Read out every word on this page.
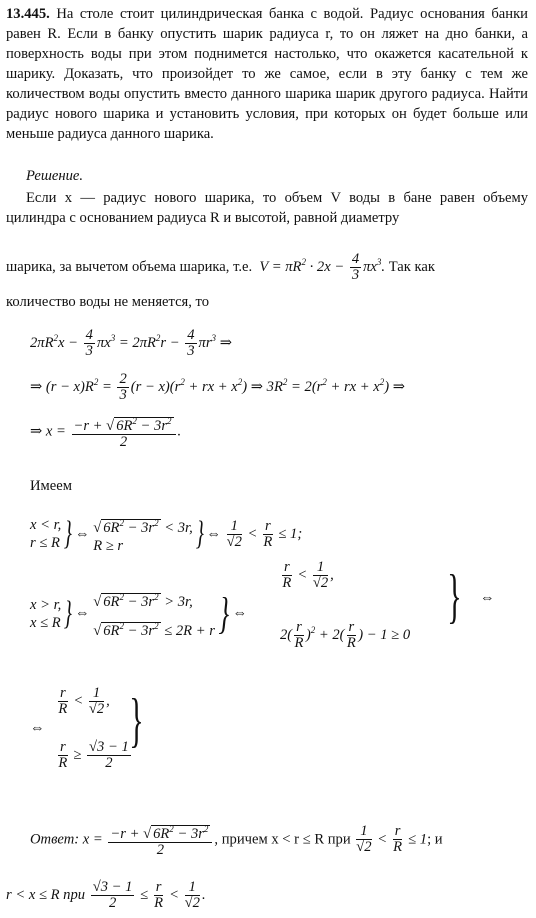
13.445. На столе стоит цилиндрическая банка с водой. Радиус основания банки равен R. Если в банку опустить шарик радиуса r, то он ляжет на дно банки, а поверхность воды при этом поднимется настолько, что окажется касательной к шарику. Доказать, что произойдет то же самое, если в эту банку с тем же количеством воды опустить вместо данного шарика шарик другого радиуса. Найти радиус нового шарика и установить условия, при которых он будет больше или меньше радиуса данного шарика.

Решение.

Если x — радиус нового шарика, то объем V воды в бане равен объему цилиндра с основанием радиуса R и высотой, равной диаметру

шарика, за вычетом объема шарика, т.е.  $V = \pi R^2 \cdot 2x - \frac{4}{3} \pi x^3$. Так как
количество воды не меняется, то
$2\pi R^2x - \frac{4}{3} \pi x^3 = 2\pi R^2r - \frac{4}{3} \pi r^3$ ⇒
⇒ $(r - x)R^2 = \frac{2}{3} (r - x)(r^2$ + rx + $x^2$) ⇒ $3R^2 = 2(r^2$ + rx + $x^2$) ⇒
⇒ $x = \frac{-r + √ 6R^2 - 3r^2}{2}$ .
Имеем
x < r,
r ≤ R } ⇔ √ $6R^2 - 3r^2 < 3r$,
R ≥ r	} ⇔ $\frac{1}{√2} < \frac{r}{R} \le 1$;
x > r,
x ≤ R } ⇔
√ $6R^2 - 3r^2 > 3r$,
√ $6R^2 - 3r^2 \le 2R + r$ } ⇔
$\frac{r}{R} < \frac{1}{√2}$ ,
$2( \frac{r}{R} )^2 + 2( \frac{r}{R}$ ) − 1 ≥ 0
} ⇔
⇔
$\frac{r}{R} < \frac{1}{√2}$ ,
$\frac{r}{R} \ge \frac{√3 - 1}{2}$
}
Ответ: $x = \frac{-r + √ 6R^2 - 3r^2}{2}$ , причем x < r ≤ R при $\frac{1}{√2} < \frac{r}{R} \le 1$; и
r < x ≤ R при $\frac{√3 - 1}{2} \le \frac{r}{R} < \frac{1}{√2}$ .
